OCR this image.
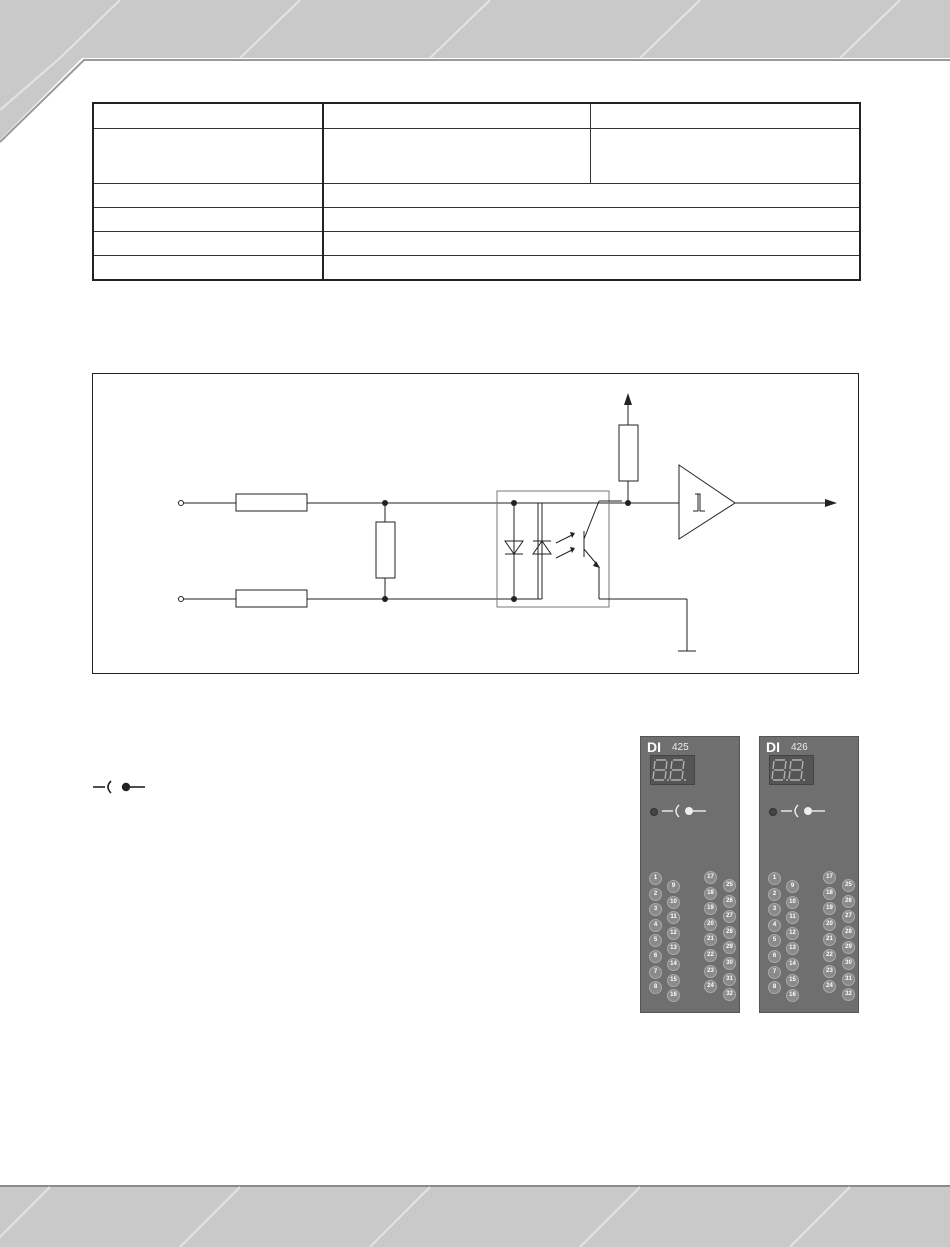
DI 425
1
2
3
4
5
6
7
8
9
10
11
12
13
14
15
16
17
18
19
20
21
22
23
24
25
26
27
28
29
30
31
32
DI 426
1
2
3
4
5
6
7
8
9
10
11
12
13
14
15
16
17
18
19
20
21
22
23
24
25
26
27
28
29
30
31
32
